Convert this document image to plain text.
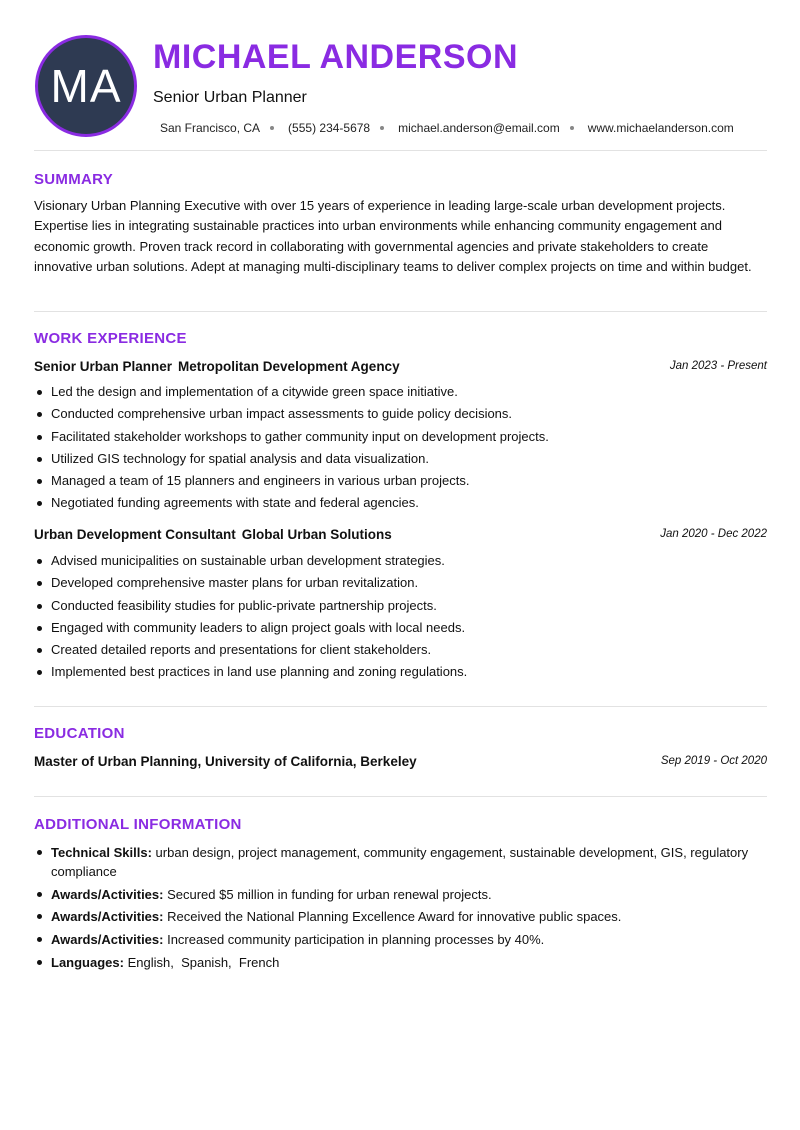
MA
MICHAEL ANDERSON
Senior Urban Planner
San Francisco, CA (555) 234-5678 michael.anderson@email.com www.michaelanderson.com
SUMMARY

Visionary Urban Planning Executive with over 15 years of experience in leading large-scale urban development projects. Expertise lies in integrating sustainable practices into urban environments while enhancing community engagement and economic growth. Proven track record in collaborating with governmental agencies and private stakeholders to create innovative urban solutions. Adept at managing multi-disciplinary teams to deliver complex projects on time and within budget.

WORK EXPERIENCE
Senior Urban Planner Metropolitan Development Agency	Jan 2023 - Present
Led the design and implementation of a citywide green space initiative.
Conducted comprehensive urban impact assessments to guide policy decisions.
Facilitated stakeholder workshops to gather community input on development projects.
Utilized GIS technology for spatial analysis and data visualization.
Managed a team of 15 planners and engineers in various urban projects.
Negotiated funding agreements with state and federal agencies.
Urban Development Consultant Global Urban Solutions	Jan 2020 - Dec 2022
Advised municipalities on sustainable urban development strategies.
Developed comprehensive master plans for urban revitalization.
Conducted feasibility studies for public-private partnership projects.
Engaged with community leaders to align project goals with local needs.
Created detailed reports and presentations for client stakeholders.
Implemented best practices in land use planning and zoning regulations.
EDUCATION
Master of Urban Planning, University of California, Berkeley	Sep 2019 - Oct 2020
ADDITIONAL INFORMATION
Technical Skills: urban design, project management, community engagement, sustainable development, GIS, regulatory compliance
Awards/Activities: Secured $5 million in funding for urban renewal projects.
Awards/Activities: Received the National Planning Excellence Award for innovative public spaces.
Awards/Activities: Increased community participation in planning processes by 40%.
Languages: English,  Spanish,  French
